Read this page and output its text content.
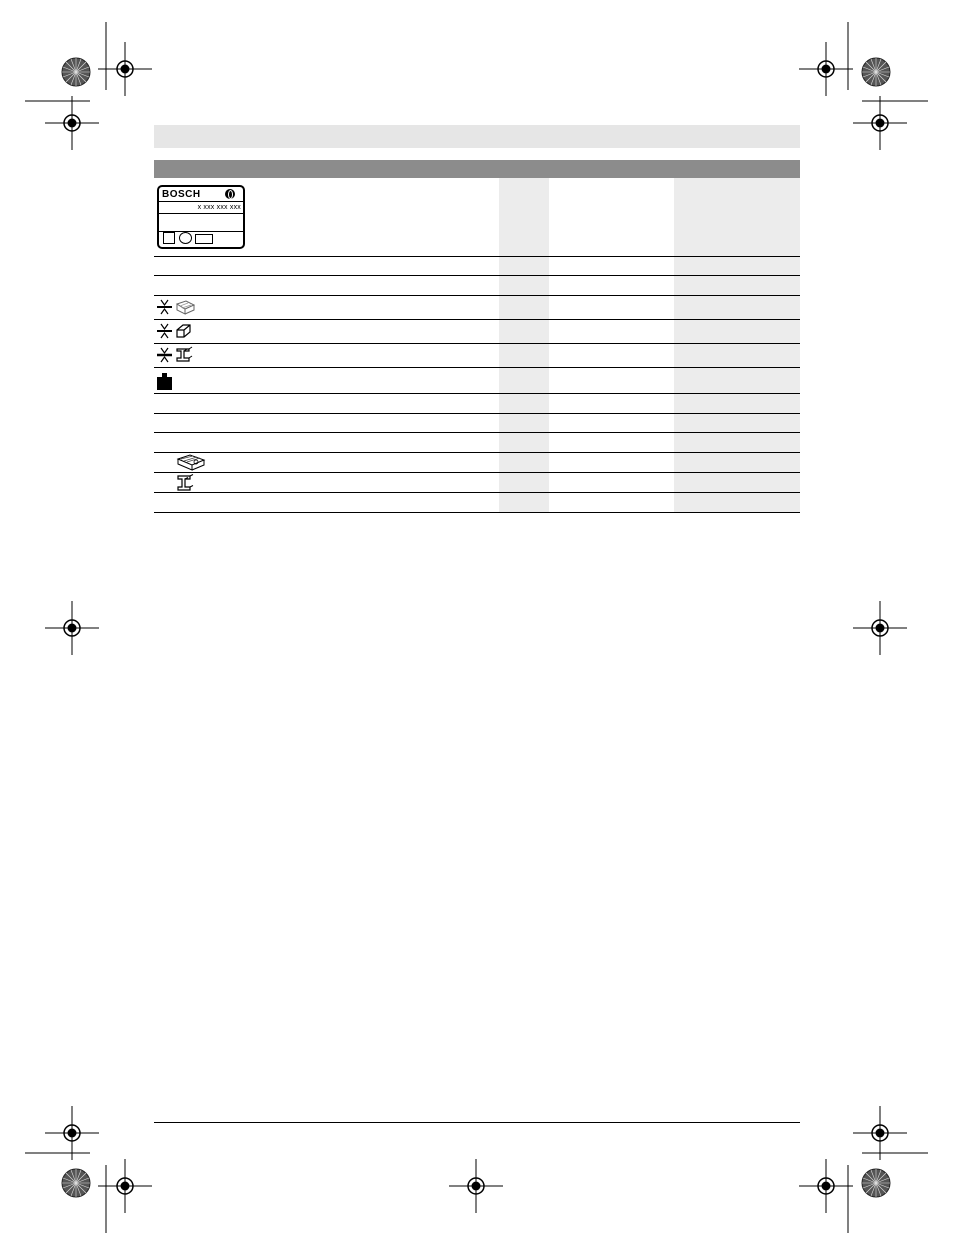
BOSCH
x xxx xxx xxx
